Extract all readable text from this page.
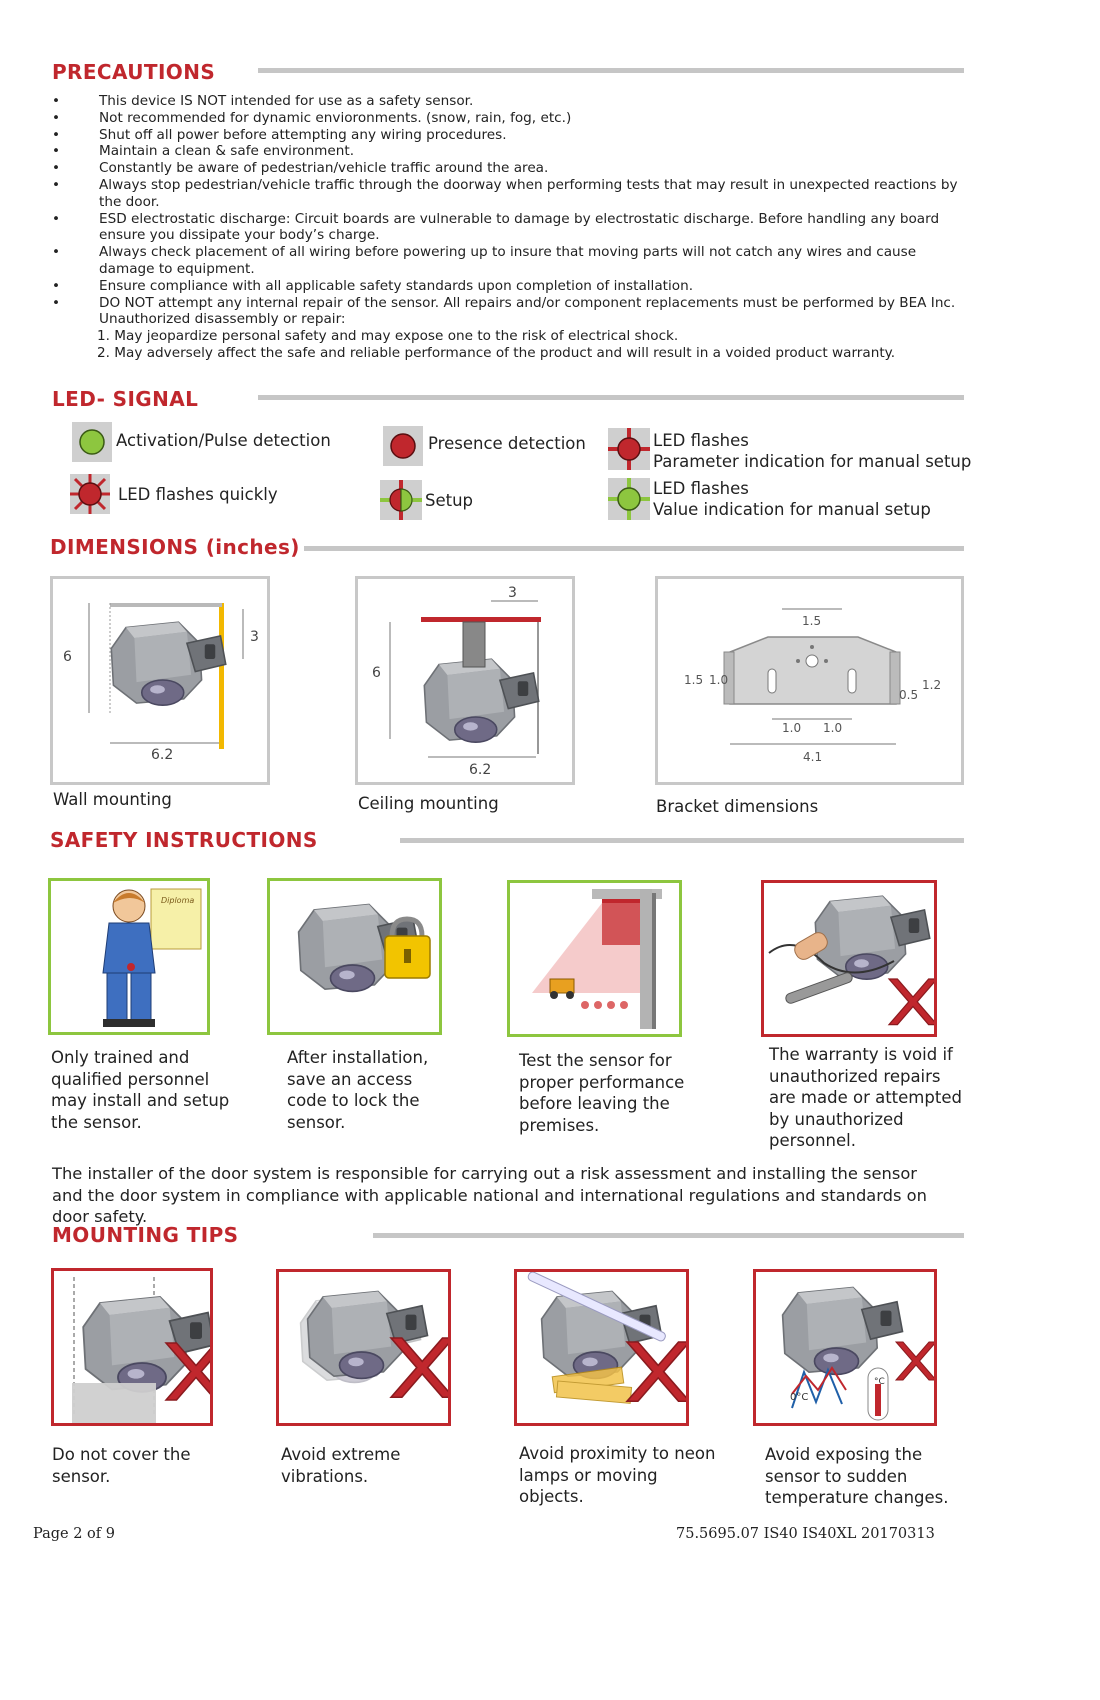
PRECAUTIONS
•	This device IS NOT intended for use as a safety sensor.
•	Not recommended for dynamic envioronments. (snow, rain, fog, etc.)
•	Shut off all power before attempting any wiring procedures.
•	Maintain a clean & safe environment.
•	Constantly be aware of pedestrian/vehicle traffic around the area.
•	Always stop pedestrian/vehicle traffic through the doorway when performing tests that may result in unexpected reactions by the door.
•	ESD electrostatic discharge: Circuit boards are vulnerable to damage by electrostatic discharge. Before handling any board ensure you dissipate your body’s charge.
•	Always check placement of all wiring before powering up to insure that moving parts will not catch any wires and cause damage to equipment.
•	Ensure compliance with all applicable safety standards upon completion of installation.
•	DO NOT attempt any internal repair of the sensor. All repairs and/or component replacements must be performed by BEA Inc. Unauthorized disassembly or repair:
1. May jeopardize personal safety and may expose one to the risk of electrical shock.
2. May adversely affect the safe and reliable performance of the product and will result in a voided product warranty.
LED- SIGNAL
Activation/Pulse detection	Presence detection	LED flashes
Parameter indication for manual setup
LED flashes quickly	Setup
LED flashes
Value indication for manual setup
DIMENSIONS (inches)
6
3
6.2
Wall mounting
3
6
6.2
Ceiling mounting
1.5
1.5 1.0
0.5
1.2
1.0 1.0
4.1
Bracket dimensions
SAFETY INSTRUCTIONS
Diploma
Only trained and qualified personnel may install and setup the sensor.
After installation, save an access code to lock the sensor.
Test the sensor for proper performance before leaving the premises.
The warranty is void if unauthorized repairs are made or attempted by unauthorized personnel.
The installer of the door system is responsible for carrying out a risk assessment and installing the sensor and the door system in compliance with applicable national and international regulations and standards on door safety.
MOUNTING TIPS
Do not cover the sensor.
Avoid extreme vibrations.
Avoid proximity to neon lamps or moving objects.
0°C
°C
Avoid exposing the sensor to sudden temperature changes.
Page 2 of 9	75.5695.07 IS40 IS40XL 20170313
